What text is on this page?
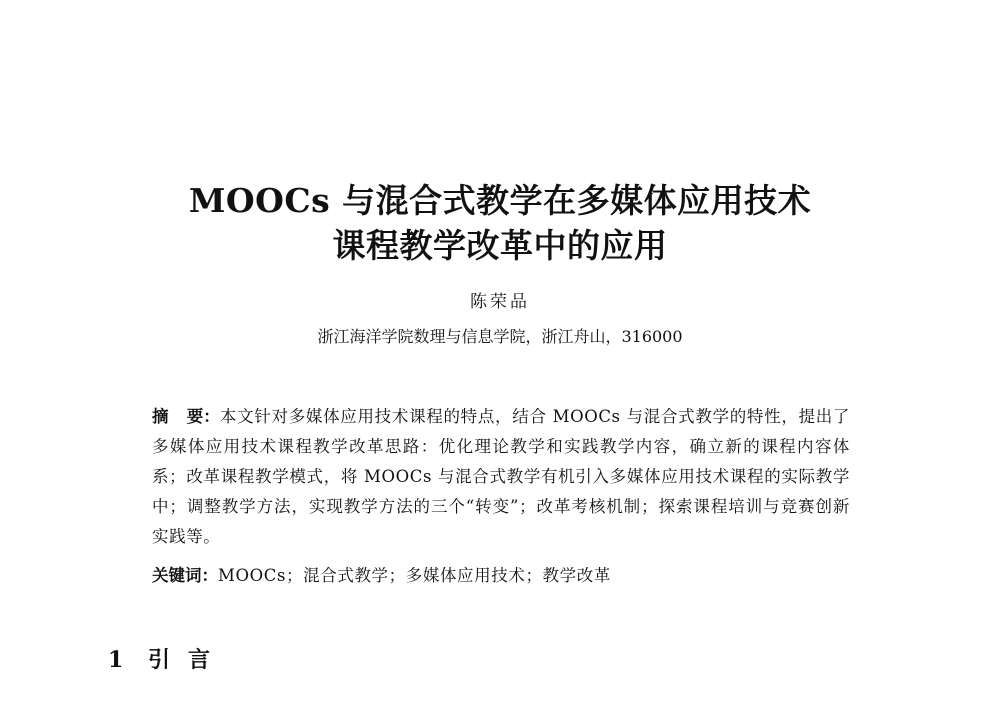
MOOCs 与混合式教学在多媒体应用技术
课程教学改革中的应用
陈荣品
浙江海洋学院数理与信息学院，浙江舟山，316000
摘 要：本文针对多媒体应用技术课程的特点，结合 MOOCs 与混合式教学的特性，提出了多媒体应用技术课程教学改革思路：优化理论教学和实践教学内容，确立新的课程内容体系；改革课程教学模式，将 MOOCs 与混合式教学有机引入多媒体应用技术课程的实际教学中；调整教学方法，实现教学方法的三个“转变”；改革考核机制；探索课程培训与竞赛创新实践等。
关键词：MOOCs；混合式教学；多媒体应用技术；教学改革
1 引言
